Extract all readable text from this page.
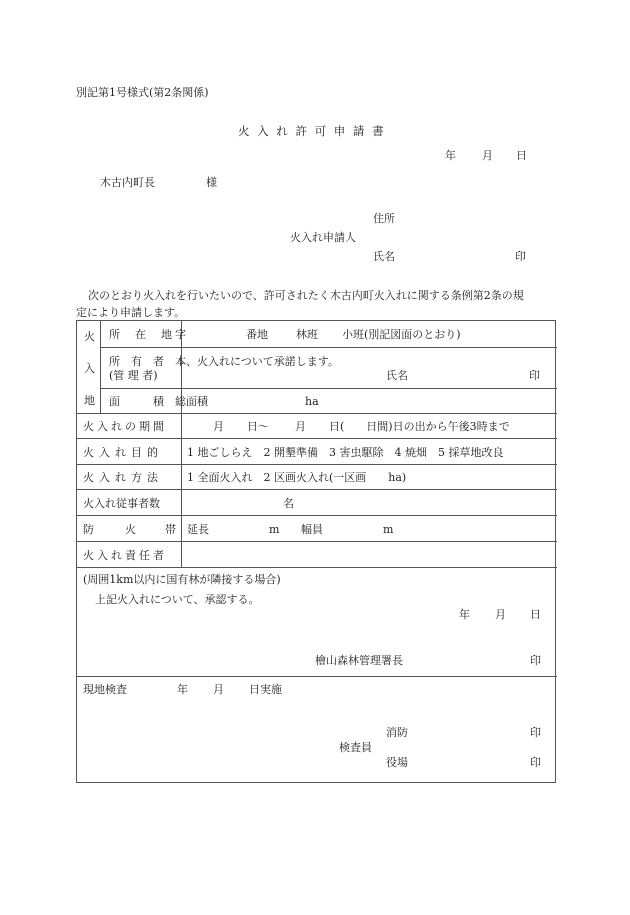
別記第1号様式(第2条関係)
火 入 れ 許 可 申 請 書
年 月 日
木古内町長	様
住所
火入れ申請人
氏名	印
次のとおり火入れを行いたいので、許可されたく木古内町火入れに関する条例第2条の規
定により申請します。
火
入
地
所　在　地 字	番地	林班 小班(別記図面のとおり)
所　有　者
(管 理 者)
本、火入れについて承諾します。
氏名	印
面　　　積 総面積	ha
火入れの期間	月 日～ 月 日(　　日間)日の出から午後3時まで
火入れ目的 1 地ごしらえ　2 開墾準備　3 害虫駆除　4 焼畑　5 採草地改良
火入れ方法 1 全面火入れ　2 区画火入れ(一区画　　ha)
火入れ従事者数	名
防	火	帯 延長	m 幅員	m
火入れ責任者
(周囲1km以内に国有林が隣接する場合)
上記火入れについて、承認する。
年 月 日
檜山森林管理署長	印
現地検査	年 月 日実施
消防	印
検査員
役場	印
